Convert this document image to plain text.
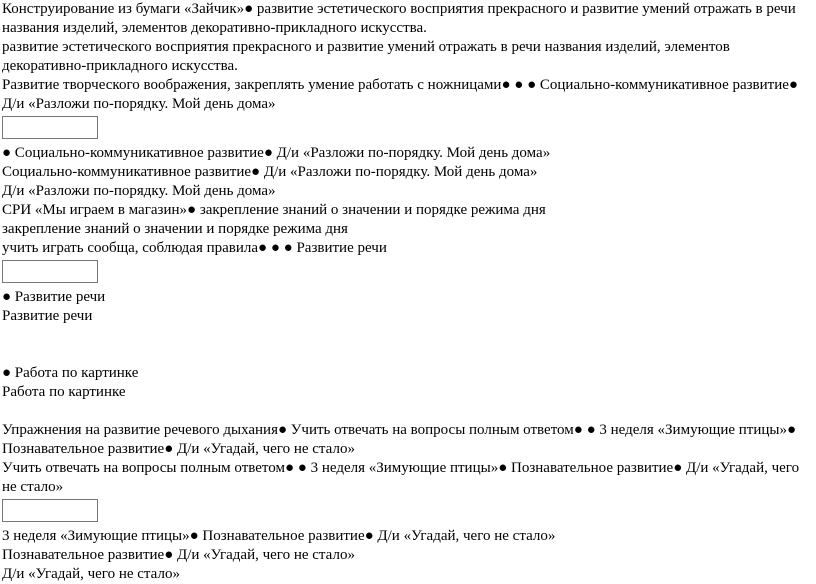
Конструирование из бумаги «Зайчик»● развитие эстетического восприятия прекрасного и развитие умений отражать в речи названия изделий, элементов декоративно-прикладного искусства.

развитие эстетического восприятия прекрасного и развитие умений отражать в речи названия изделий, элементов декоративно-прикладного искусства.

Развитие творческого воображения, закреплять умение работать с ножницами● ● ● Социально-коммуникативное развитие● Д/и «Разложи по-порядку. Мой день дома»

● Социально-коммуникативное развитие● Д/и «Разложи по-порядку. Мой день дома»

Социально-коммуникативное развитие● Д/и «Разложи по-порядку. Мой день дома»

Д/и «Разложи по-порядку. Мой день дома»

СРИ «Мы играем в магазин»● закрепление знаний о значении и порядке режима дня

закрепление знаний о значении и порядке режима дня

учить играть сообща, соблюдая правила● ● ● Развитие речи

● Развитие речи

Развитие речи

● Работа по картинке

Работа по картинке

Упражнения на развитие речевого дыхания● Учить отвечать на вопросы полным ответом● ● 3 неделя «Зимующие птицы»● Познавательное развитие● Д/и «Угадай, чего не стало»

Учить отвечать на вопросы полным ответом● ● 3 неделя «Зимующие птицы»● Познавательное развитие● Д/и «Угадай, чего не стало»

3 неделя «Зимующие птицы»● Познавательное развитие● Д/и «Угадай, чего не стало»

Познавательное развитие● Д/и «Угадай, чего не стало»

Д/и «Угадай, чего не стало»
